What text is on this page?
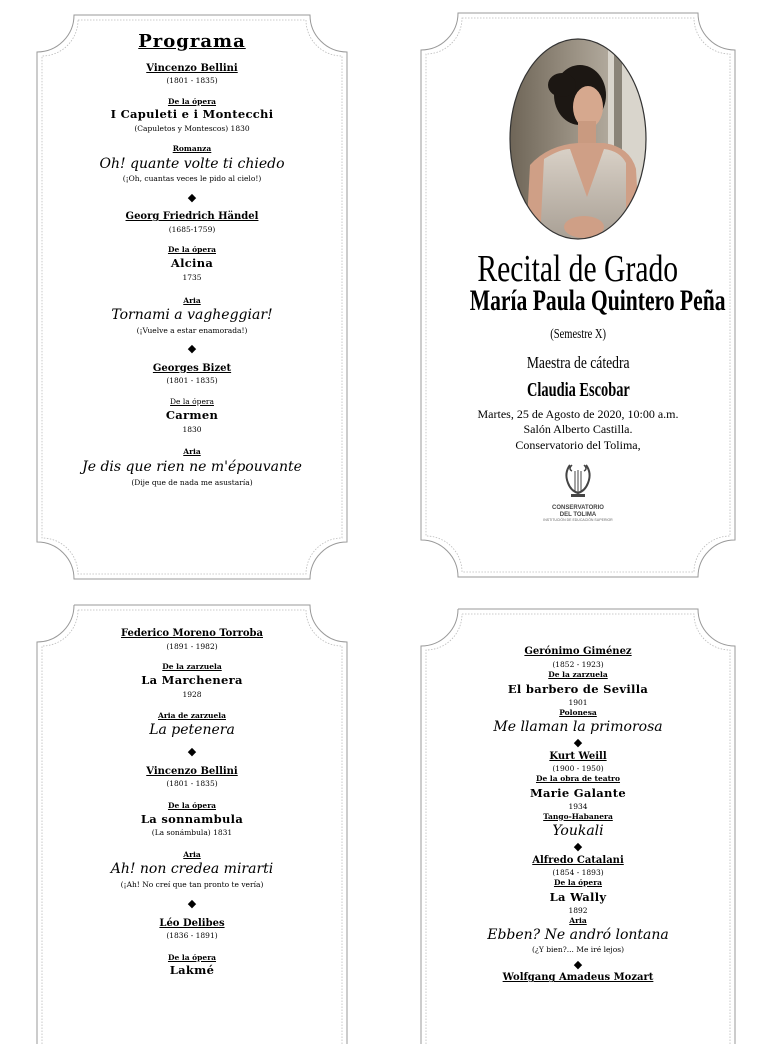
Programa
Vincenzo Bellini
(1801 - 1835)
De la ópera
I Capuleti e i Montecchi
(Capuletos y Montescos) 1830
Romanza
Oh! quante volte ti chiedo
(¡Oh, cuantas veces le pido al cielo!)
◆
Georg Friedrich Händel
(1685-1759)
De la ópera
Alcina
1735
Aria
Tornami a vagheggiar!
(¡Vuelve a estar enamorada!)
◆
Georges Bizet
(1801 - 1835)
De la ópera
Carmen
1830
Aria
Je dis que rien ne m'épouvante
(Dije que de nada me asustaría)
Recital de Grado
María Paula Quintero Peña
(Semestre X)
Maestra de cátedra
Claudia Escobar
Martes, 25 de Agosto de 2020, 10:00 a.m.
Salón Alberto Castilla.
Conservatorio del Tolima,
CONSERVATORIO
DEL TOLIMA
INSTITUCIÓN DE EDUCACIÓN SUPERIOR
Federico Moreno Torroba
(1891 - 1982)
De la zarzuela
La Marchenera
1928
Aria de zarzuela
La petenera
◆
Vincenzo Bellini
(1801 - 1835)
De la ópera
La sonnambula
(La sonámbula) 1831
Aria
Ah! non credea mirarti
(¡Ah! No creí que tan pronto te vería)
◆
Léo Delibes
(1836 - 1891)
De la ópera
Lakmé
Gerónimo Giménez
(1852 - 1923)
De la zarzuela
El barbero de Sevilla
1901
Polonesa
Me llaman la primorosa
◆
Kurt Weill
(1900 - 1950)
De la obra de teatro
Marie Galante
1934
Tango-Habanera
Youkali
◆
Alfredo Catalani
(1854 - 1893)
De la ópera
La Wally
1892
Aria
Ebben? Ne andró lontana
(¿Y bien?... Me iré lejos)
◆
Wolfgang Amadeus Mozart
